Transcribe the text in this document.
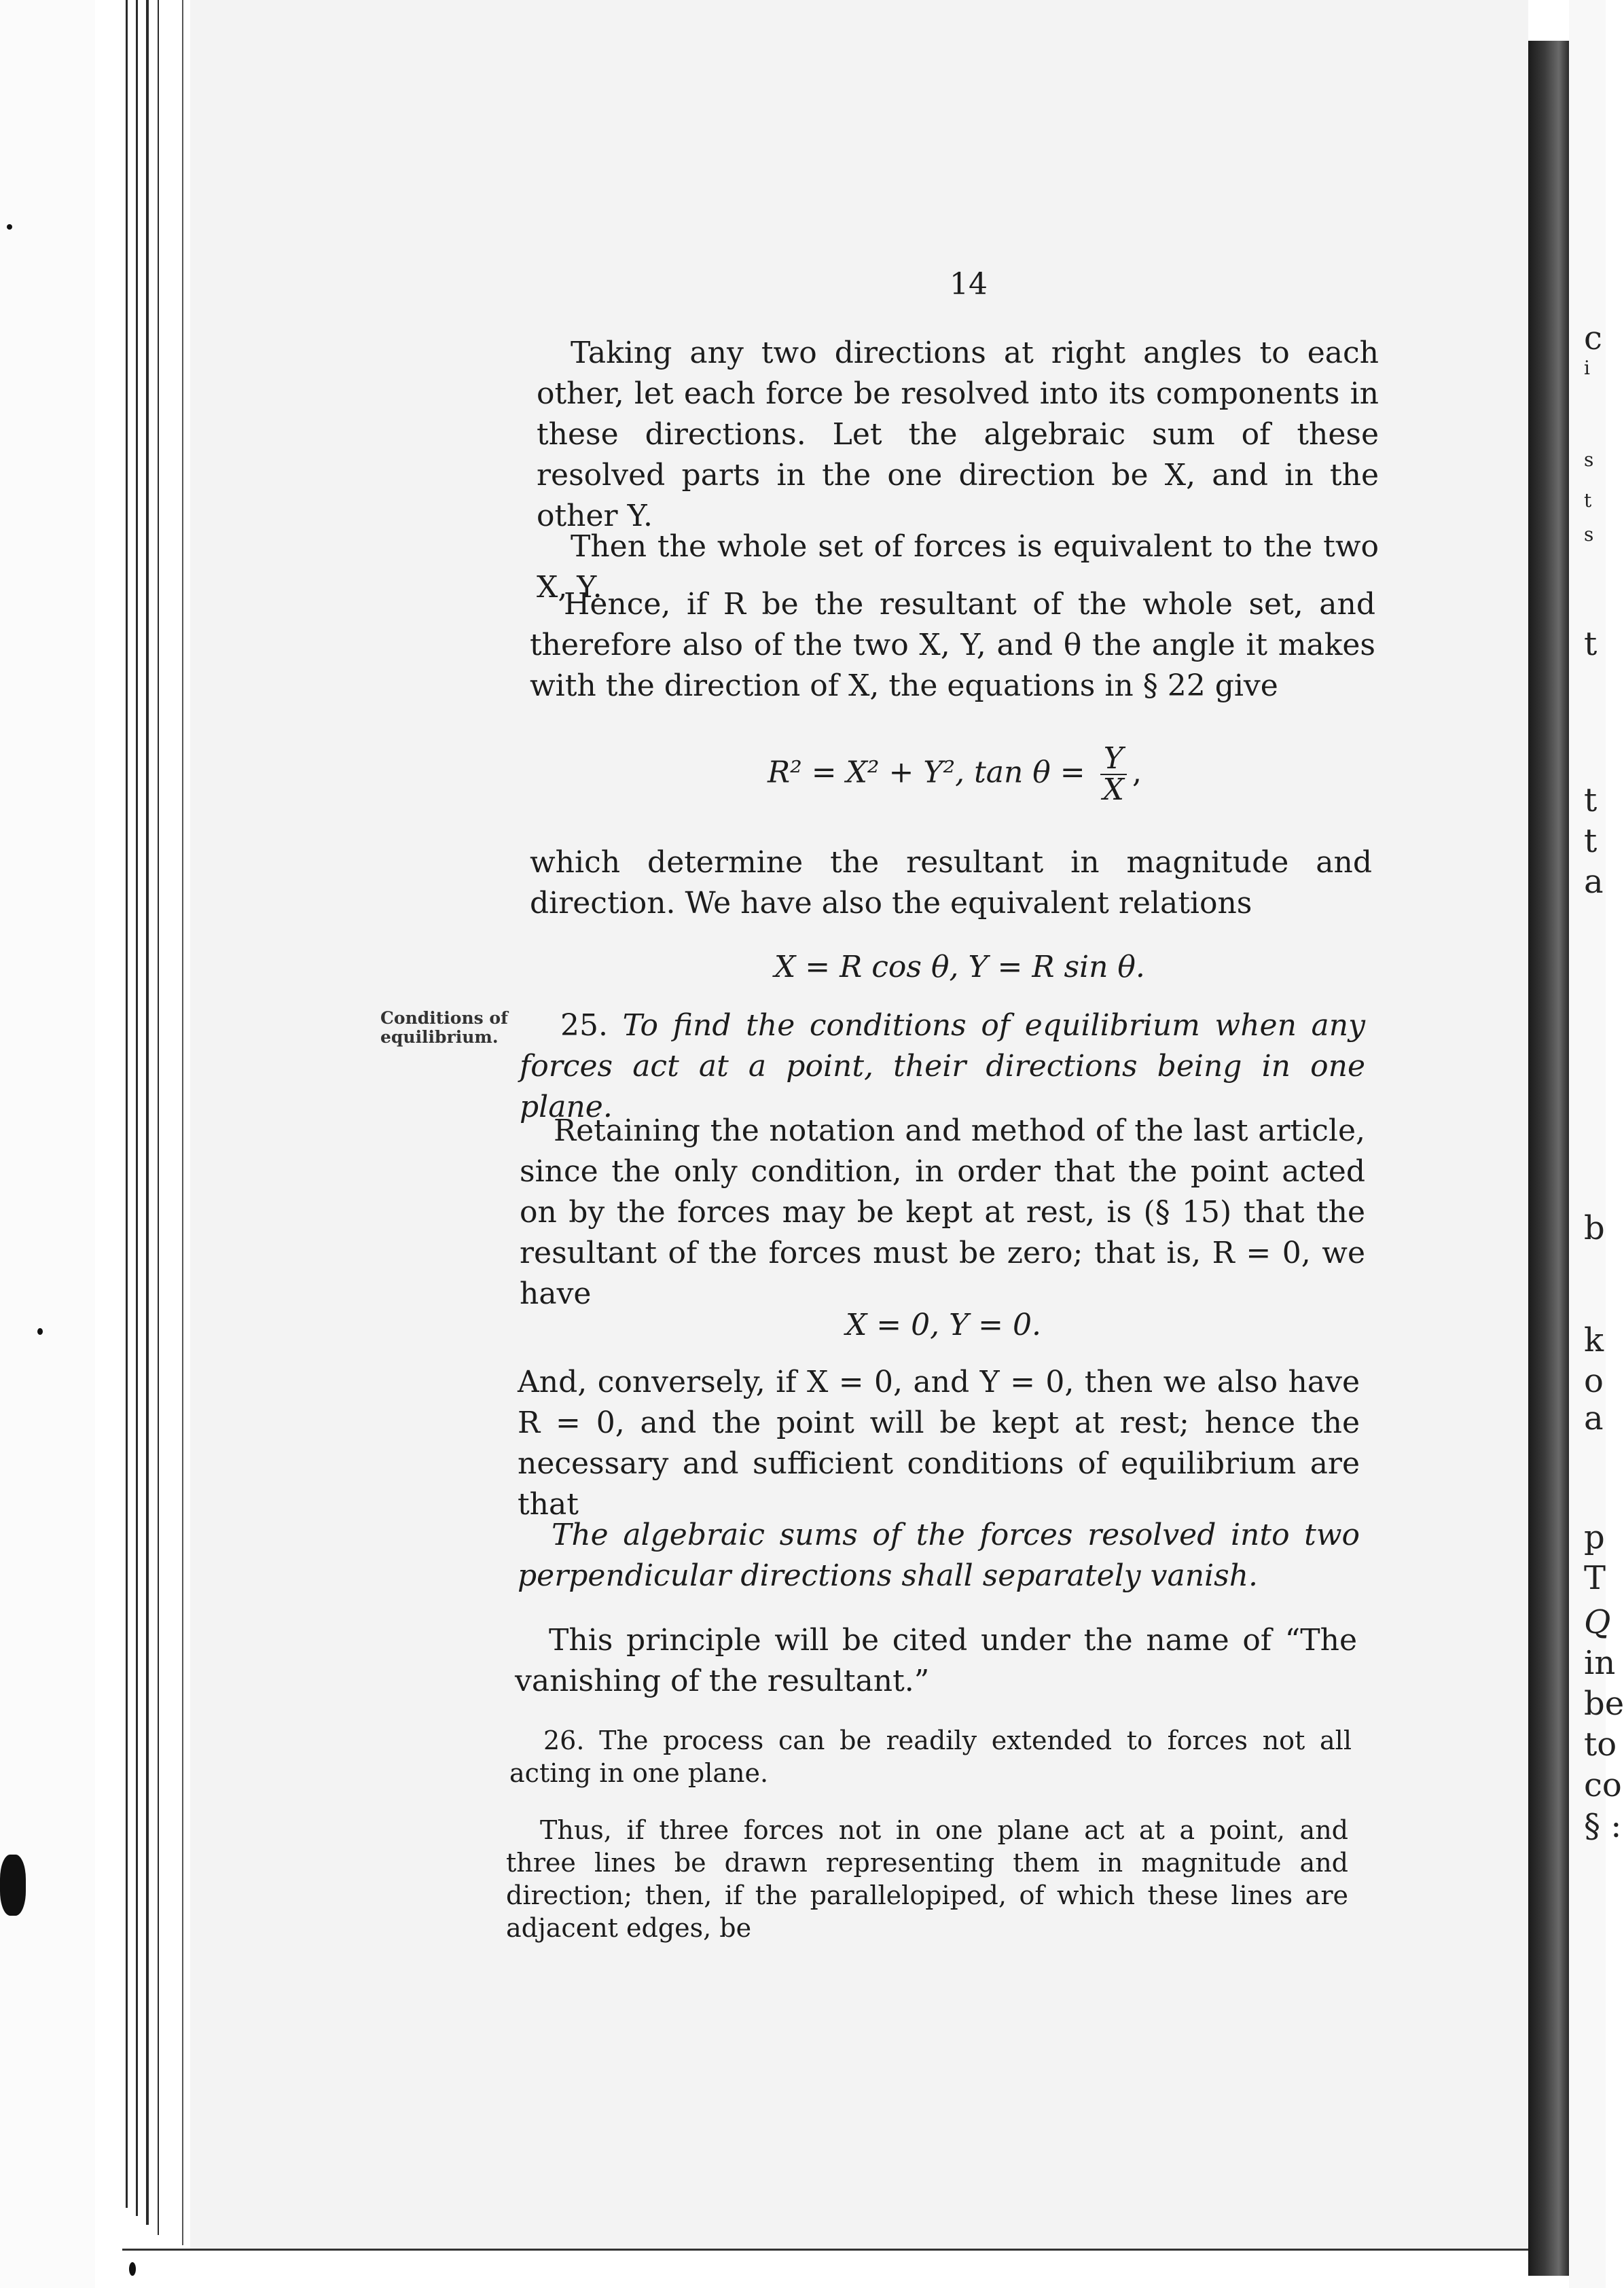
c
i
s
t
s
t
t
t
a
b
k
o
a
p
T
Q
in
be
to
co
§ :

14

Taking any two directions at right angles to each other, let each force be resolved into its components in these directions. Let the algebraic sum of these resolved parts in the one direction be X, and in the other Y.

Then the whole set of forces is equivalent to the two X, Y.

Hence, if R be the resultant of the whole set, and therefore also of the two X, Y, and θ the angle it makes with the direction of X, the equations in § 22 give

R² = X² + Y², $\tan \theta = \frac{Y}{X}$ ,

which determine the resultant in magnitude and direction. We have also the equivalent relations

X = R cos θ, Y = R sin θ.

Conditions of
equilibrium.	25. To find the conditions of equilibrium when any forces act at a point, their directions being in one plane.

Retaining the notation and method of the last article, since the only condition, in order that the point acted on by the forces may be kept at rest, is (§ 15) that the resultant of the forces must be zero; that is, R = 0, we have

X = 0, Y = 0.

And, conversely, if X = 0, and Y = 0, then we also have R = 0, and the point will be kept at rest; hence the necessary and sufficient conditions of equilibrium are that

The algebraic sums of the forces resolved into two perpendicular directions shall separately vanish.

This principle will be cited under the name of “The vanishing of the resultant.”

26. The process can be readily extended to forces not all acting in one plane.

Thus, if three forces not in one plane act at a point, and three lines be drawn representing them in magnitude and direction; then, if the parallelopiped, of which these lines are adjacent edges, be
